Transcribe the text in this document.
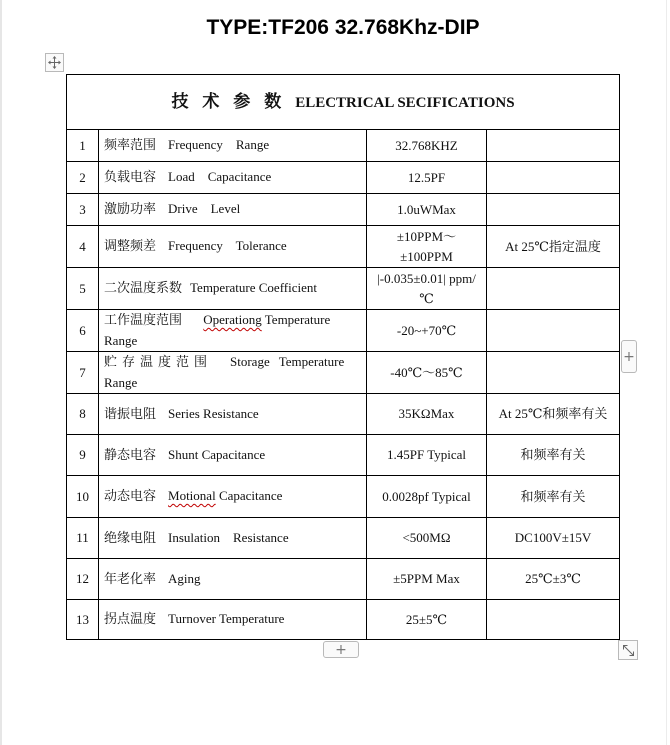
TYPE:TF206 32.768Khz-DIP
技 术 参 数 ELECTRICAL SECIFICATIONS			
1	频率范围 Frequency    Range	32.768KHZ	
2	负载电容 Load    Capacitance	12.5PF	
3	激励功率 Drive    Level	1.0uWMax	
4	调整频差 Frequency    Tolerance	±10PPM～±100PPM	At 25℃指定温度
5	二次温度系数 Temperature Coefficient	|-0.035±0.01| ppm/℃	
6	工作温度范围 Operationg Temperature Range	-20~+70℃	
7	贮存温度范围 Storage Temperature Range	-40℃～85℃	
8	谐振电阻 Series Resistance	35KΩMax	At 25℃和频率有关
9	静态电容 Shunt Capacitance	1.45PF Typical	和频率有关
10	动态电容 Motional Capacitance	0.0028pf Typical	和频率有关
11	绝缘电阻 Insulation    Resistance	<500MΩ	DC100V±15V
12	年老化率 Aging	±5PPM Max	25℃±3℃
13	拐点温度 Turnover Temperature	25±5℃	
+
+
